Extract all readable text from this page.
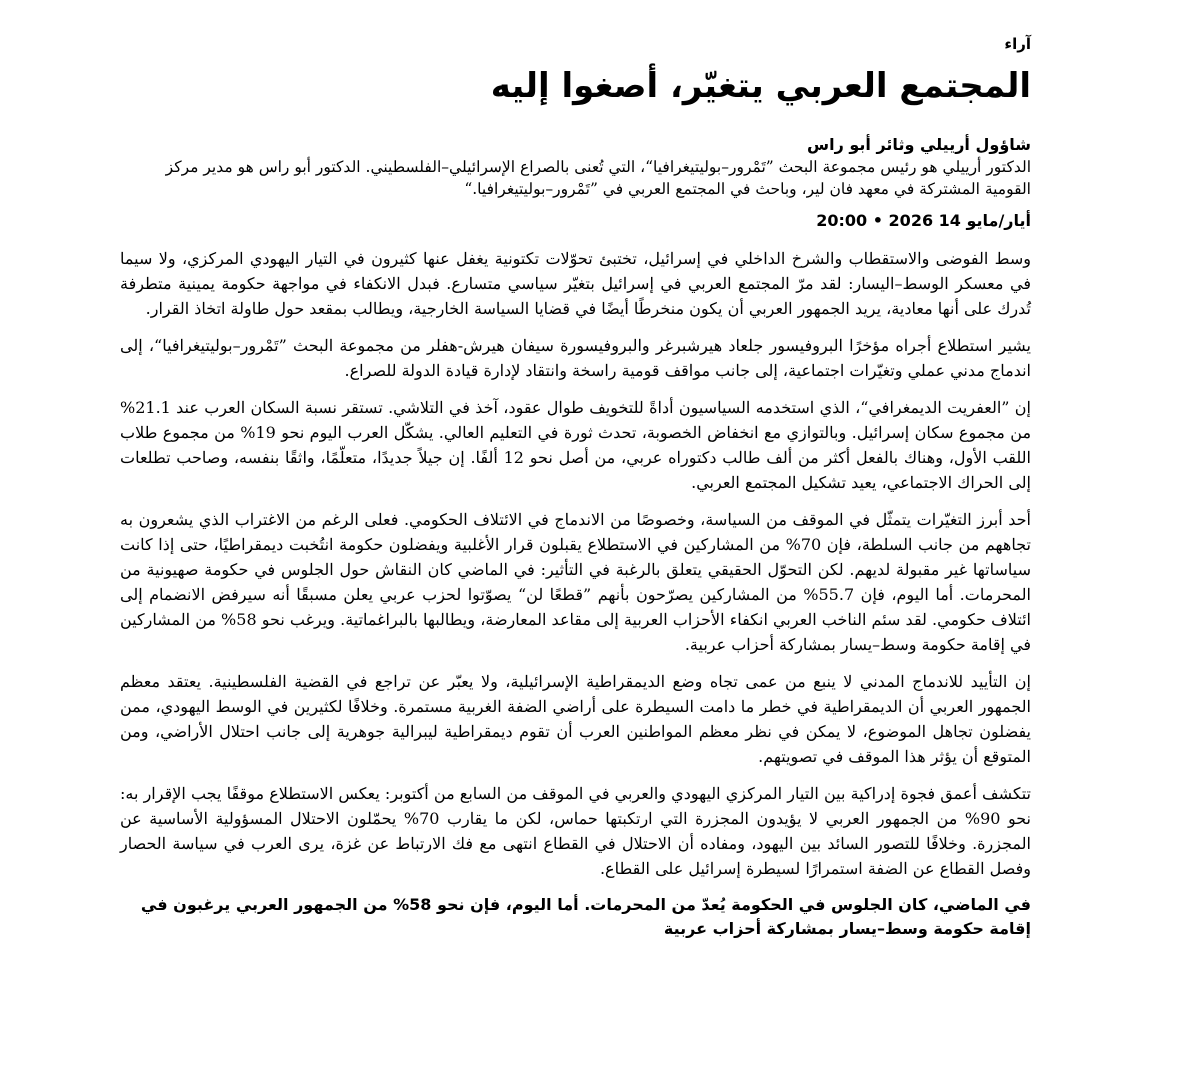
آراء
المجتمع العربي يتغيّر، أصغوا إليه

شاؤول أرييلي وثائر أبو راس

الدكتور أرييلي هو رئيس مجموعة البحث ”تَمْرور–بوليتيغرافيا“، التي تُعنى بالصراع الإسرائيلي–الفلسطيني. الدكتور أبو راس هو مدير مركز القومية المشتركة في معهد فان لير، وباحث في المجتمع العربي في ”تَمْرور–بوليتيغرافيا.“

أيار/مايو 14 2026 • 20:00

وسط الفوضى والاستقطاب والشرخ الداخلي في إسرائيل، تختبئ تحوّلات تكتونية يغفل عنها كثيرون في التيار اليهودي المركزي، ولا سيما في معسكر الوسط–اليسار: لقد مرّ المجتمع العربي في إسرائيل بتغيّر سياسي متسارع. فبدل الانكفاء في مواجهة حكومة يمينية متطرفة تُدرك على أنها معادية، يريد الجمهور العربي أن يكون منخرطًا أيضًا في قضايا السياسة الخارجية، ويطالب بمقعد حول طاولة اتخاذ القرار.

يشير استطلاع أجراه مؤخرًا البروفيسور جلعاد هيرشبرغر والبروفيسورة سيفان هيرش-هفلر من مجموعة البحث ”تَمْرور–بوليتيغرافيا“، إلى اندماج مدني عملي وتغيّرات اجتماعية، إلى جانب مواقف قومية راسخة وانتقاد لإدارة قيادة الدولة للصراع.

إن ”العفريت الديمغرافي“، الذي استخدمه السياسيون أداةً للتخويف طوال عقود، آخذ في التلاشي. تستقر نسبة السكان العرب عند 21.1% من مجموع سكان إسرائيل. وبالتوازي مع انخفاض الخصوبة، تحدث ثورة في التعليم العالي. يشكّل العرب اليوم نحو 19% من مجموع طلاب اللقب الأول، وهناك بالفعل أكثر من ألف طالب دكتوراه عربي، من أصل نحو 12 ألفًا. إن جيلاً جديدًا، متعلّمًا، واثقًا بنفسه، وصاحب تطلعات إلى الحراك الاجتماعي، يعيد تشكيل المجتمع العربي.

أحد أبرز التغيّرات يتمثّل في الموقف من السياسة، وخصوصًا من الاندماج في الائتلاف الحكومي. فعلى الرغم من الاغتراب الذي يشعرون به تجاههم من جانب السلطة، فإن 70% من المشاركين في الاستطلاع يقبلون قرار الأغلبية ويفضلون حكومة انتُخبت ديمقراطيًا، حتى إذا كانت سياساتها غير مقبولة لديهم. لكن التحوّل الحقيقي يتعلق بالرغبة في التأثير: في الماضي كان النقاش حول الجلوس في حكومة صهيونية من المحرمات. أما اليوم، فإن 55.7% من المشاركين يصرّحون بأنهم ”قطعًا لن“ يصوّتوا لحزب عربي يعلن مسبقًا أنه سيرفض الانضمام إلى ائتلاف حكومي. لقد سئم الناخب العربي انكفاء الأحزاب العربية إلى مقاعد المعارضة، ويطالبها بالبراغماتية. ويرغب نحو 58% من المشاركين في إقامة حكومة وسط–يسار بمشاركة أحزاب عربية.

إن التأييد للاندماج المدني لا ينبع من عمى تجاه وضع الديمقراطية الإسرائيلية، ولا يعبّر عن تراجع في القضية الفلسطينية. يعتقد معظم الجمهور العربي أن الديمقراطية في خطر ما دامت السيطرة على أراضي الضفة الغربية مستمرة. وخلافًا لكثيرين في الوسط اليهودي، ممن يفضلون تجاهل الموضوع، لا يمكن في نظر معظم المواطنين العرب أن تقوم ديمقراطية ليبرالية جوهرية إلى جانب احتلال الأراضي، ومن المتوقع أن يؤثر هذا الموقف في تصويتهم.

تتكشف أعمق فجوة إدراكية بين التيار المركزي اليهودي والعربي في الموقف من السابع من أكتوبر: يعكس الاستطلاع موقفًا يجب الإقرار به: نحو 90% من الجمهور العربي لا يؤيدون المجزرة التي ارتكبتها حماس، لكن ما يقارب 70% يحمّلون الاحتلال المسؤولية الأساسية عن المجزرة. وخلافًا للتصور السائد بين اليهود، ومفاده أن الاحتلال في القطاع انتهى مع فك الارتباط عن غزة، يرى العرب في سياسة الحصار وفصل القطاع عن الضفة استمرارًا لسيطرة إسرائيل على القطاع.

في الماضي، كان الجلوس في الحكومة يُعدّ من المحرمات. أما اليوم، فإن نحو 58% من الجمهور العربي يرغبون في إقامة حكومة وسط–يسار بمشاركة أحزاب عربية
